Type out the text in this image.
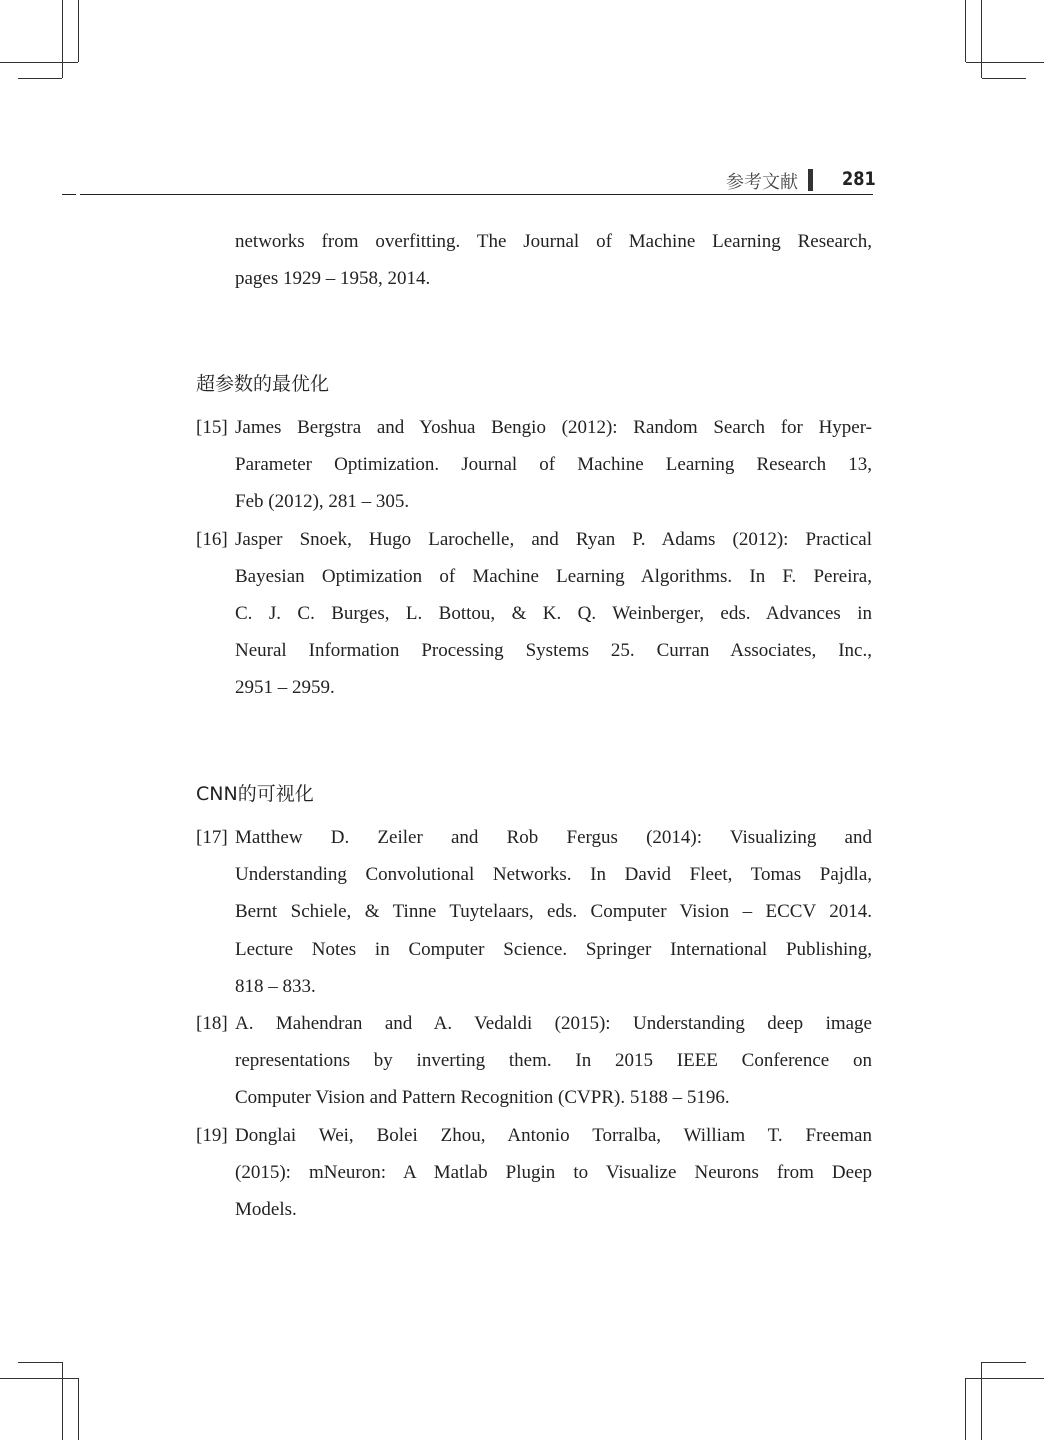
参考文献 281
networks from overfitting. The Journal of Machine Learning Research,
pages 1929 – 1958, 2014.
超参数的最优化
[15] James Bergstra and Yoshua Bengio (2012): Random Search for Hyper-
Parameter Optimization. Journal of Machine Learning Research 13,
Feb (2012), 281 – 305.
[16] Jasper Snoek, Hugo Larochelle, and Ryan P. Adams (2012): Practical
Bayesian Optimization of Machine Learning Algorithms. In F. Pereira,
C. J. C. Burges, L. Bottou, & K. Q. Weinberger, eds. Advances in
Neural Information Processing Systems 25. Curran Associates, Inc.,
2951 – 2959.
CNN的可视化
[17] Matthew D. Zeiler and Rob Fergus (2014): Visualizing and
Understanding Convolutional Networks. In David Fleet, Tomas Pajdla,
Bernt Schiele, & Tinne Tuytelaars, eds. Computer Vision – ECCV 2014.
Lecture Notes in Computer Science. Springer International Publishing,
818 – 833.
[18] A. Mahendran and A. Vedaldi (2015): Understanding deep image
representations by inverting them. In 2015 IEEE Conference on
Computer Vision and Pattern Recognition (CVPR). 5188 – 5196.
[19] Donglai Wei, Bolei Zhou, Antonio Torralba, William T. Freeman
(2015): mNeuron: A Matlab Plugin to Visualize Neurons from Deep
Models.
